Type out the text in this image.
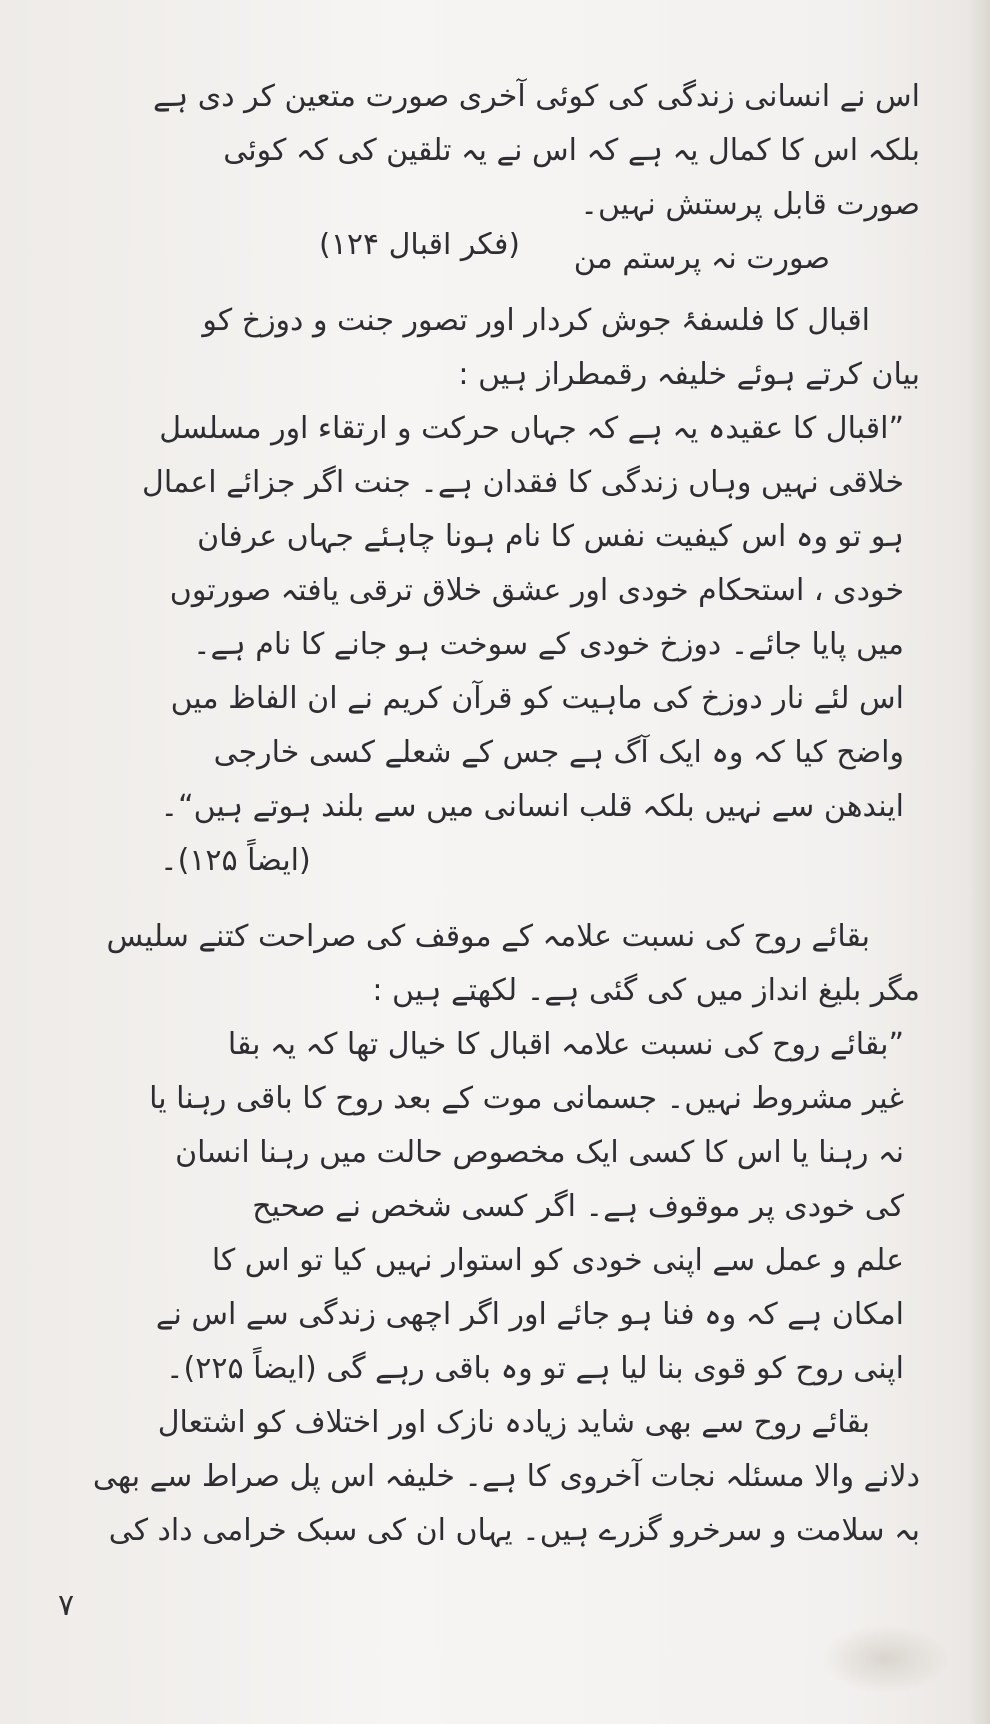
اس نے انسانی زندگی کی کوئی آخری صورت متعین کر دی ہے
بلکہ اس کا کمال یہ ہے کہ اس نے یہ تلقین کی کہ کوئی
صورت قابل پرستش نہیں۔
صورت نہ پرستم من
(فکر اقبال ۱۲۴)
اقبال کا فلسفۂ جوش کردار اور تصور جنت و دوزخ کو
بیان کرتے ہوئے خلیفہ رقمطراز ہیں :
”اقبال کا عقیدہ یہ ہے کہ جہاں حرکت و ارتقاء اور مسلسل
خلاقی نہیں وہاں زندگی کا فقدان ہے۔ جنت اگر جزائے اعمال
ہو تو وہ اس کیفیت نفس کا نام ہونا چاہئے جہاں عرفان
خودی ، استحکام خودی اور عشق خلاق ترقی یافتہ صورتوں
میں پایا جائے۔ دوزخ خودی کے سوخت ہو جانے کا نام ہے۔
اس لئے نار دوزخ کی ماہیت کو قرآن کریم نے ان الفاظ میں
واضح کیا کہ وہ ایک آگ ہے جس کے شعلے کسی خارجی
ایندھن سے نہیں بلکہ قلب انسانی میں سے بلند ہوتے ہیں“۔
(ایضاً ۱۲۵)۔
بقائے روح کی نسبت علامہ کے موقف کی صراحت کتنے سلیس
مگر بلیغ انداز میں کی گئی ہے۔ لکھتے ہیں :
”بقائے روح کی نسبت علامہ اقبال کا خیال تھا کہ یہ بقا
غیر مشروط نہیں۔ جسمانی موت کے بعد روح کا باقی رہنا یا
نہ رہنا یا اس کا کسی ایک مخصوص حالت میں رہنا انسان
کی خودی پر موقوف ہے۔ اگر کسی شخص نے صحیح
علم و عمل سے اپنی خودی کو استوار نہیں کیا تو اس کا
امکان ہے کہ وہ فنا ہو جائے اور اگر اچھی زندگی سے اس نے
اپنی روح کو قوی بنا لیا ہے تو وہ باقی رہے گی (ایضاً ۲۲۵)۔
بقائے روح سے بھی شاید زیادہ نازک اور اختلاف کو اشتعال
دلانے والا مسئلہ نجات آخروی کا ہے۔ خلیفہ اس پل صراط سے بھی
بہ سلامت و سرخرو گزرے ہیں۔ یہاں ان کی سبک خرامی داد کی
۷
